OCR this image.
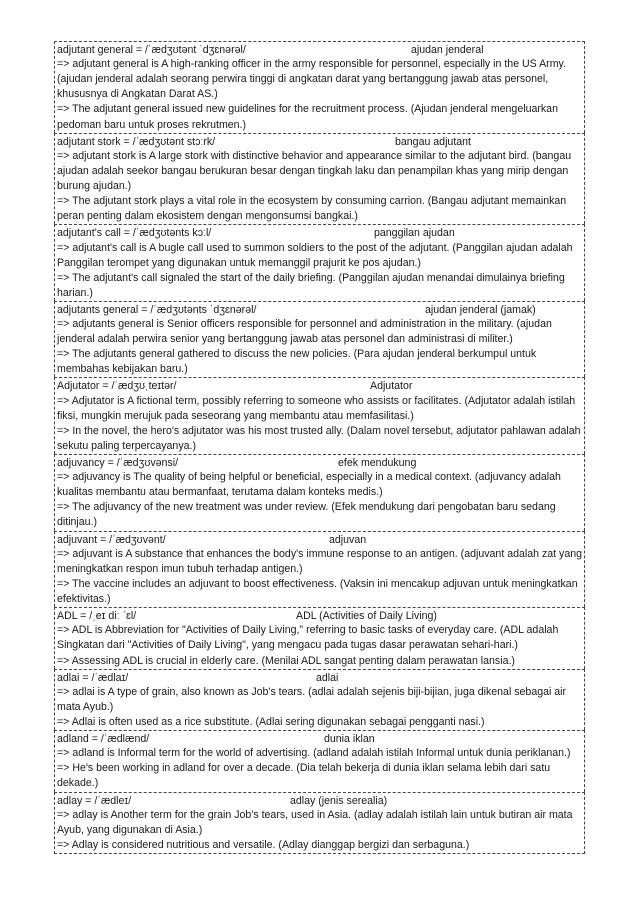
adjutant general = /ˈædʒʊtənt ˈdʒɛnərəl/	ajudan jenderal

=> adjutant general is A high-ranking officer in the army responsible for personnel, especially in the US Army. (ajudan jenderal adalah seorang perwira tinggi di angkatan darat yang bertanggung jawab atas personel, khususnya di Angkatan Darat AS.)

=> The adjutant general issued new guidelines for the recruitment process. (Ajudan jenderal mengeluarkan pedoman baru untuk proses rekrutmen.)

adjutant stork = /ˈædʒʊtənt stɔːrk/	bangau adjutant

=> adjutant stork is A large stork with distinctive behavior and appearance similar to the adjutant bird. (bangau ajudan adalah seekor bangau berukuran besar dengan tingkah laku dan penampilan khas yang mirip dengan burung ajudan.)

=> The adjutant stork plays a vital role in the ecosystem by consuming carrion. (Bangau adjutant memainkan peran penting dalam ekosistem dengan mengonsumsi bangkai.)

adjutant's call = /ˈædʒʊtənts kɔːl/	panggilan ajudan

=> adjutant's call is A bugle call used to summon soldiers to the post of the adjutant. (Panggilan ajudan adalah Panggilan terompet yang digunakan untuk memanggil prajurit ke pos ajudan.)

=> The adjutant's call signaled the start of the daily briefing. (Panggilan ajudan menandai dimulainya briefing harian.)

adjutants general = /ˈædʒʊtənts ˈdʒɛnərəl/	ajudan jenderal (jamak)

=> adjutants general is Senior officers responsible for personnel and administration in the military. (ajudan jenderal adalah perwira senior yang bertanggung jawab atas personel dan administrasi di militer.)

=> The adjutants general gathered to discuss the new policies. (Para ajudan jenderal berkumpul untuk membahas kebijakan baru.)

Adjutator = /ˈædʒʊˌteɪtər/	Adjutator

=> Adjutator is A fictional term, possibly referring to someone who assists or facilitates. (Adjutator adalah istilah fiksi, mungkin merujuk pada seseorang yang membantu atau memfasilitasi.)

=> In the novel, the hero's adjutator was his most trusted ally. (Dalam novel tersebut, adjutator pahlawan adalah sekutu paling terpercayanya.)

adjuvancy = /ˈædʒʊvənsi/	efek mendukung

=> adjuvancy is The quality of being helpful or beneficial, especially in a medical context. (adjuvancy adalah kualitas membantu atau bermanfaat, terutama dalam konteks medis.)

=> The adjuvancy of the new treatment was under review. (Efek mendukung dari pengobatan baru sedang ditinjau.)

adjuvant = /ˈædʒʊvənt/	adjuvan

=> adjuvant is A substance that enhances the body's immune response to an antigen. (adjuvant adalah zat yang meningkatkan respon imun tubuh terhadap antigen.)

=> The vaccine includes an adjuvant to boost effectiveness. (Vaksin ini mencakup adjuvan untuk meningkatkan efektivitas.)

ADL = /ˌeɪ diː ˈɛl/	ADL (Activities of Daily Living)

=> ADL is Abbreviation for "Activities of Daily Living," referring to basic tasks of everyday care. (ADL adalah Singkatan dari "Activities of Daily Living", yang mengacu pada tugas dasar perawatan sehari-hari.)

=> Assessing ADL is crucial in elderly care. (Menilai ADL sangat penting dalam perawatan lansia.)

adlai = /ˈædlaɪ/	adlai

=> adlai is A type of grain, also known as Job's tears. (adlai adalah sejenis biji-bijian, juga dikenal sebagai air mata Ayub.)

=> Adlai is often used as a rice substitute. (Adlai sering digunakan sebagai pengganti nasi.)

adland = /ˈædlænd/	dunia iklan

=> adland is Informal term for the world of advertising. (adland adalah istilah Informal untuk dunia periklanan.)

=> He's been working in adland for over a decade. (Dia telah bekerja di dunia iklan selama lebih dari satu dekade.)

adlay = /ˈædleɪ/	adlay (jenis serealia)

=> adlay is Another term for the grain Job's tears, used in Asia. (adlay adalah istilah lain untuk butiran air mata Ayub, yang digunakan di Asia.)

=> Adlay is considered nutritious and versatile. (Adlay dianggap bergizi dan serbaguna.)
